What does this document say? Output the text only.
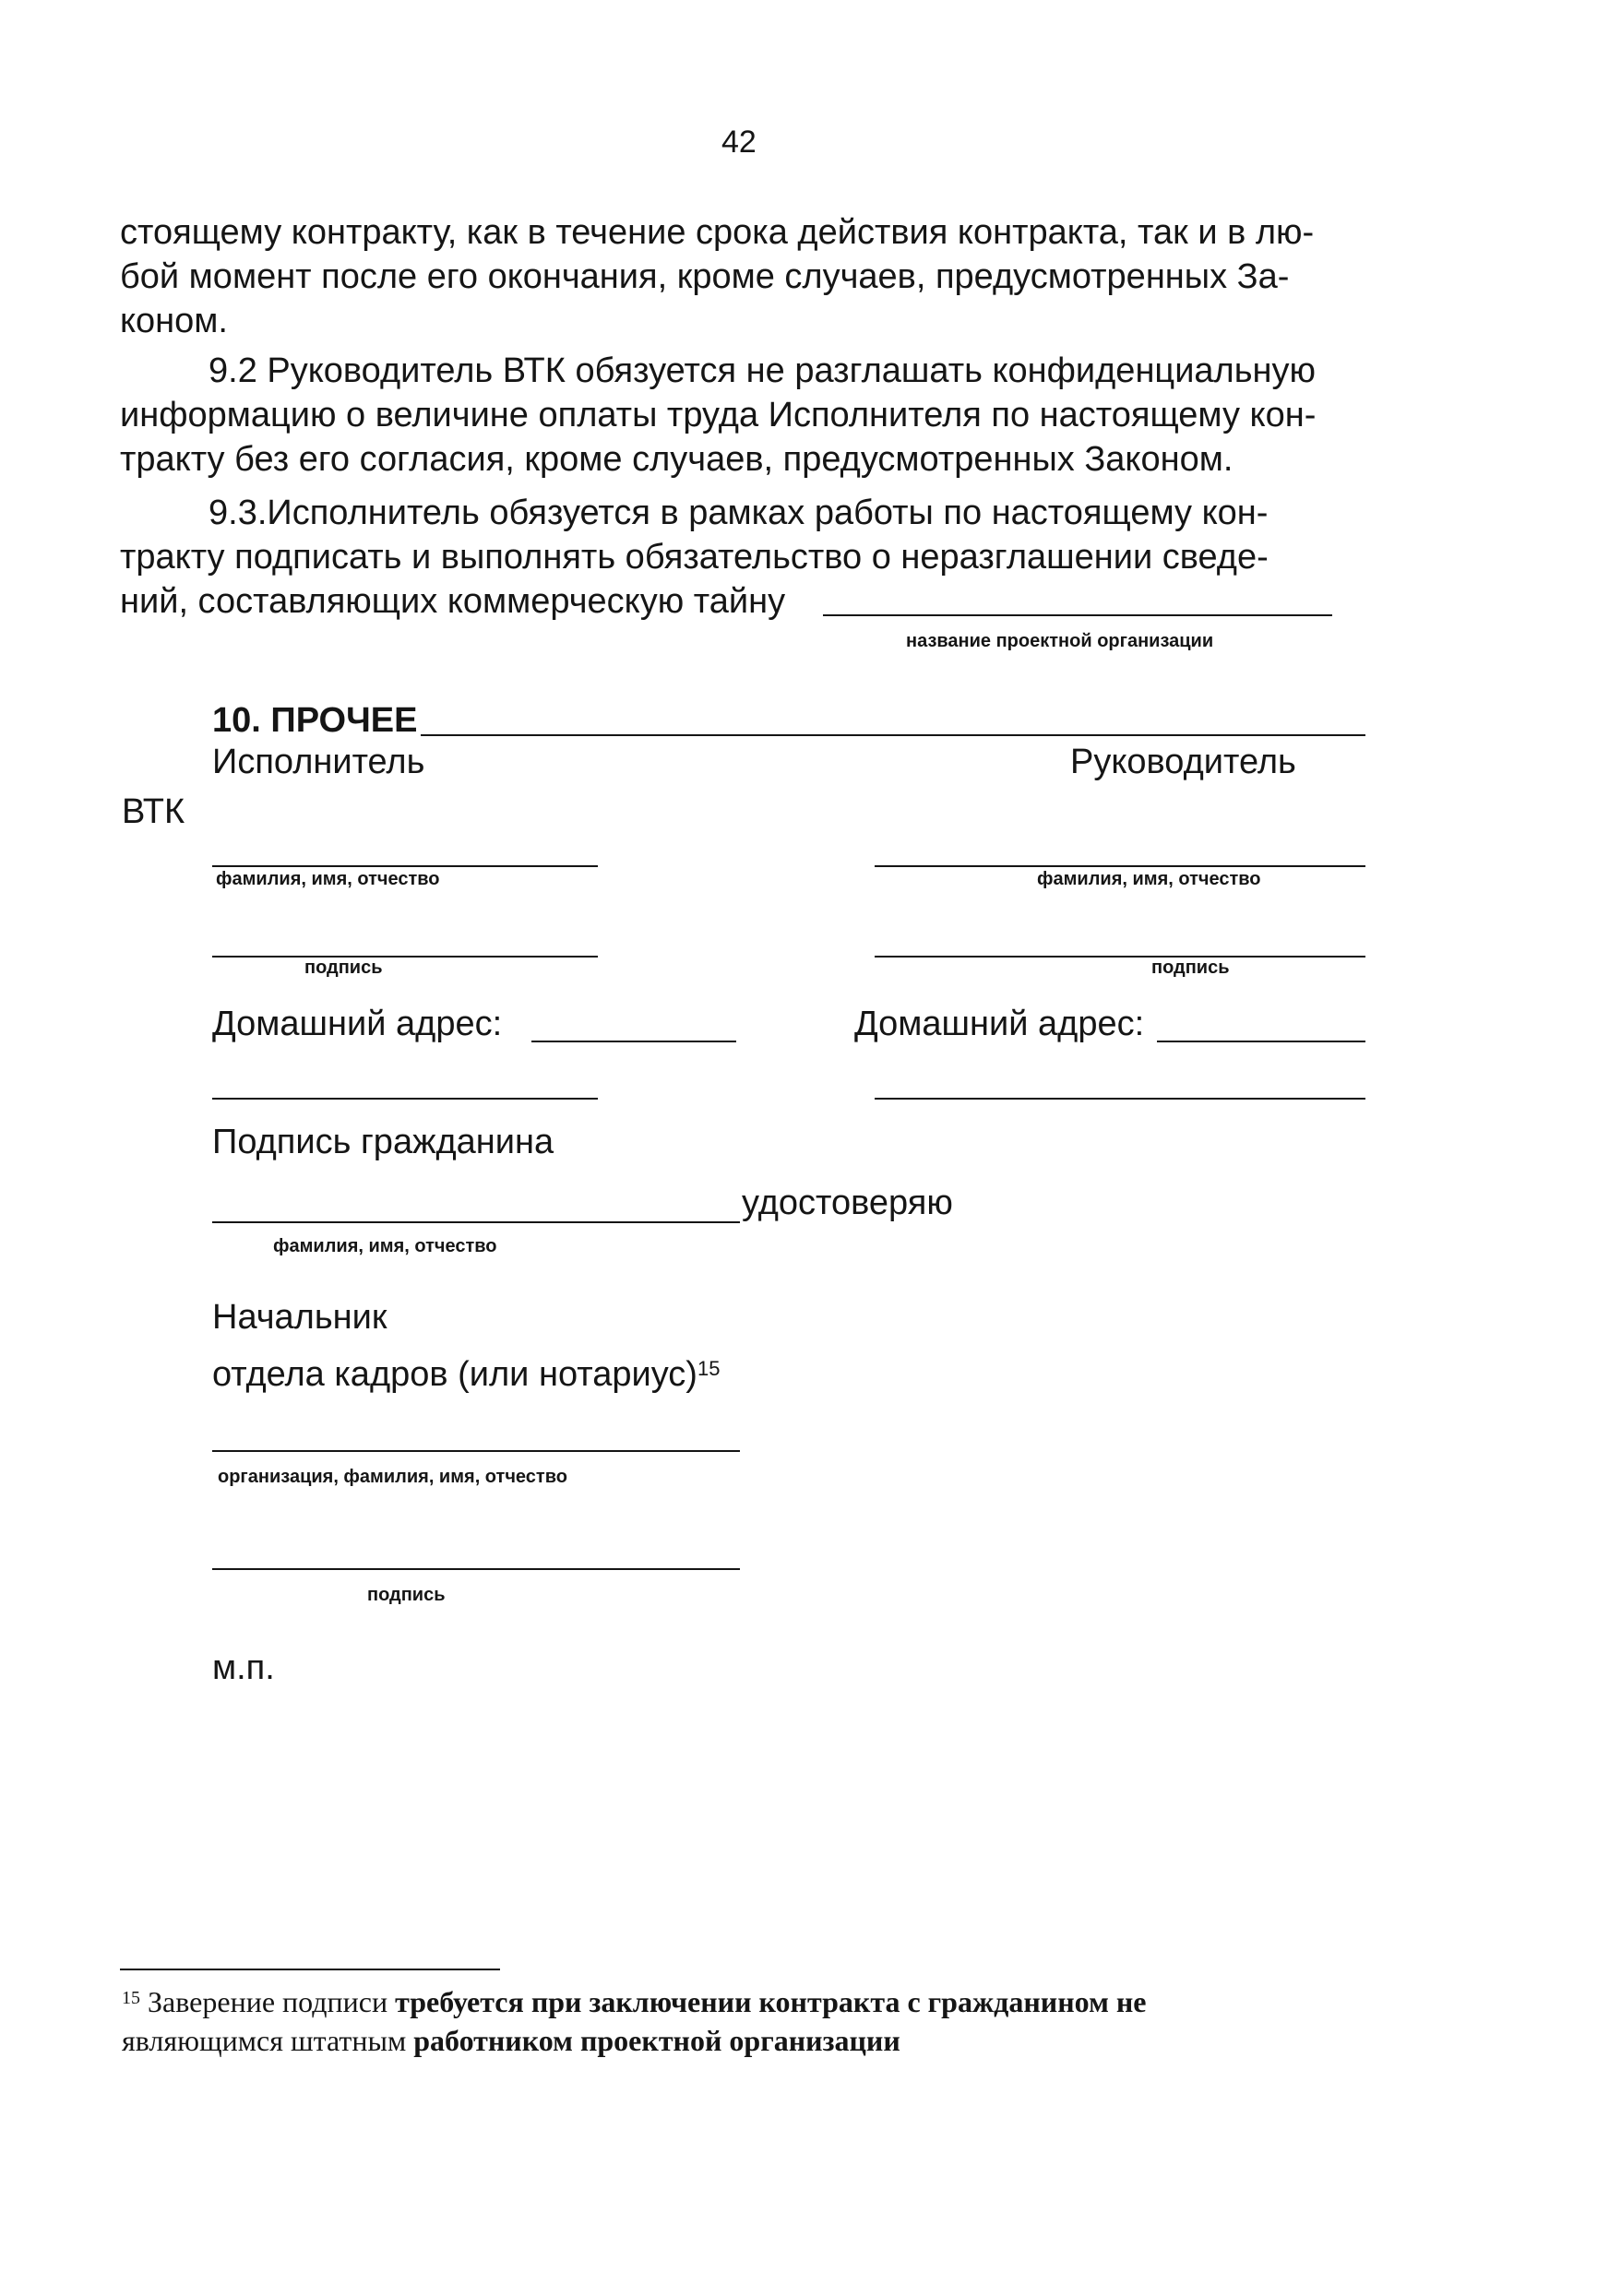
42
стоящему контракту, как в течение срока действия контракта, так и в лю-
бой момент после его окончания, кроме случаев, предусмотренных За-
коном.
9.2 Руководитель ВТК обязуется не разглашать конфиденциальную
информацию о величине оплаты труда Исполнителя по настоящему кон-
тракту без его согласия, кроме случаев, предусмотренных Законом.
9.3.Исполнитель обязуется в рамках работы по настоящему кон-
тракту подписать и выполнять обязательство о неразглашении сведе-
ний, составляющих коммерческую тайну
название проектной организации
10. ПРОЧЕЕ
Исполнитель	Руководитель
ВТК
фамилия, имя, отчество	фамилия, имя, отчество
подпись	подпись
Домашний адрес:	Домашний адрес:
Подпись гражданина
удостоверяю
фамилия, имя, отчество
Начальник
отдела кадров (или нотариус)$^{15}$
организация, фамилия, имя, отчество
подпись
м.п.
$^{15}$ Заверение подписи требуется при заключении контракта с гражданином не
являющимся штатным работником проектной организации
